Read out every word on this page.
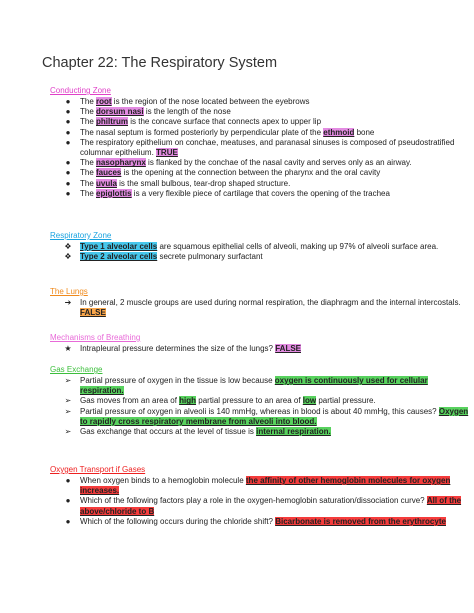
Chapter 22: The Respiratory System
Conducting Zone
●	The root is the region of the nose located between the eyebrows
●	The dorsum nasi is the length of the nose
●	The philtrum is the concave surface that connects apex to upper lip
●	The nasal septum is formed posteriorly by perpendicular plate of the ethmoid bone
●	The respiratory epithelium on conchae, meatuses, and paranasal sinuses is composed of pseudostratified columnar epithelium. TRUE
●	The nasopharynx is flanked by the conchae of the nasal cavity and serves only as an airway.
●	The fauces is the opening at the connection between the pharynx and the oral cavity
●	The uvula is the small bulbous, tear-drop shaped structure.
●	The epiglottis is a very flexible piece of cartilage that covers the opening of the trachea
Respiratory Zone
❖	Type 1 alveolar cells are squamous epithelial cells of alveoli, making up 97% of alveoli surface area.
❖	Type 2 alveolar cells secrete pulmonary surfactant
The Lungs
➔	In general, 2 muscle groups are used during normal respiration, the diaphragm and the internal intercostals. FALSE
Mechanisms of Breathing
★	Intrapleural pressure determines the size of the lungs? FALSE
Gas Exchange
➢	Partial pressure of oxygen in the tissue is low because oxygen is continuously used for cellular respiration.
➢	Gas moves from an area of high partial pressure to an area of low partial pressure.
➢	Partial pressure of oxygen in alveoli is 140 mmHg, whereas in blood is about 40 mmHg, this causes? Oxygen to rapidly cross respiratory membrane from alveoli into blood.
➢	Gas exchange that occurs at the level of tissue is internal respiration.
Oxygen Transport if Gases
●	When oxygen binds to a hemoglobin molecule the affinity of other hemoglobin molecules for oxygen increases.
●	Which of the following factors play a role in the oxygen-hemoglobin saturation/dissociation curve? All of the above/chloride to B
●	Which of the following occurs during the chloride shift? Bicarbonate is removed from the erythrocyte
